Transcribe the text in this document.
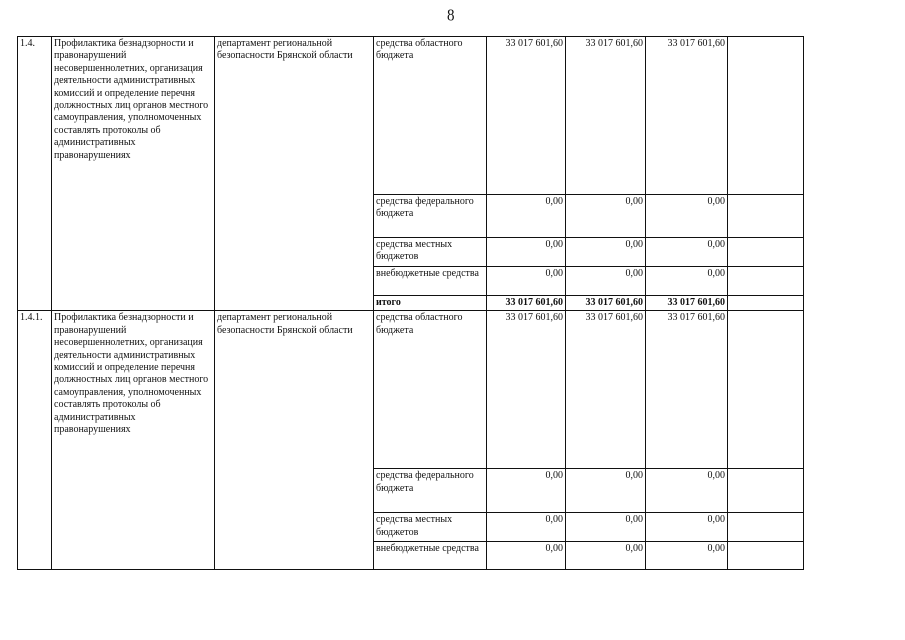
8
1.4.	Профилактика безнадзорности и правонарушений несовершеннолетних, организация деятельности административных комиссий и определение перечня должностных лиц органов местного самоуправления, уполномоченных составлять протоколы об административных правонарушениях	департамент региональной безопасности Брянской области	средства областного бюджета	33 017 601,60	33 017 601,60	33 017 601,60	
			средства федерального бюджета	0,00	0,00	0,00	
			средства местных бюджетов	0,00	0,00	0,00	
			внебюджетные средства	0,00	0,00	0,00	
			итого	33 017 601,60	33 017 601,60	33 017 601,60	
1.4.1.	Профилактика безнадзорности и правонарушений несовершеннолетних, организация деятельности административных комиссий и определение перечня должностных лиц органов местного самоуправления, уполномоченных составлять протоколы об административных правонарушениях	департамент региональной безопасности Брянской области	средства областного бюджета	33 017 601,60	33 017 601,60	33 017 601,60	
			средства федерального бюджета	0,00	0,00	0,00	
			средства местных бюджетов	0,00	0,00	0,00	
			внебюджетные средства	0,00	0,00	0,00	
